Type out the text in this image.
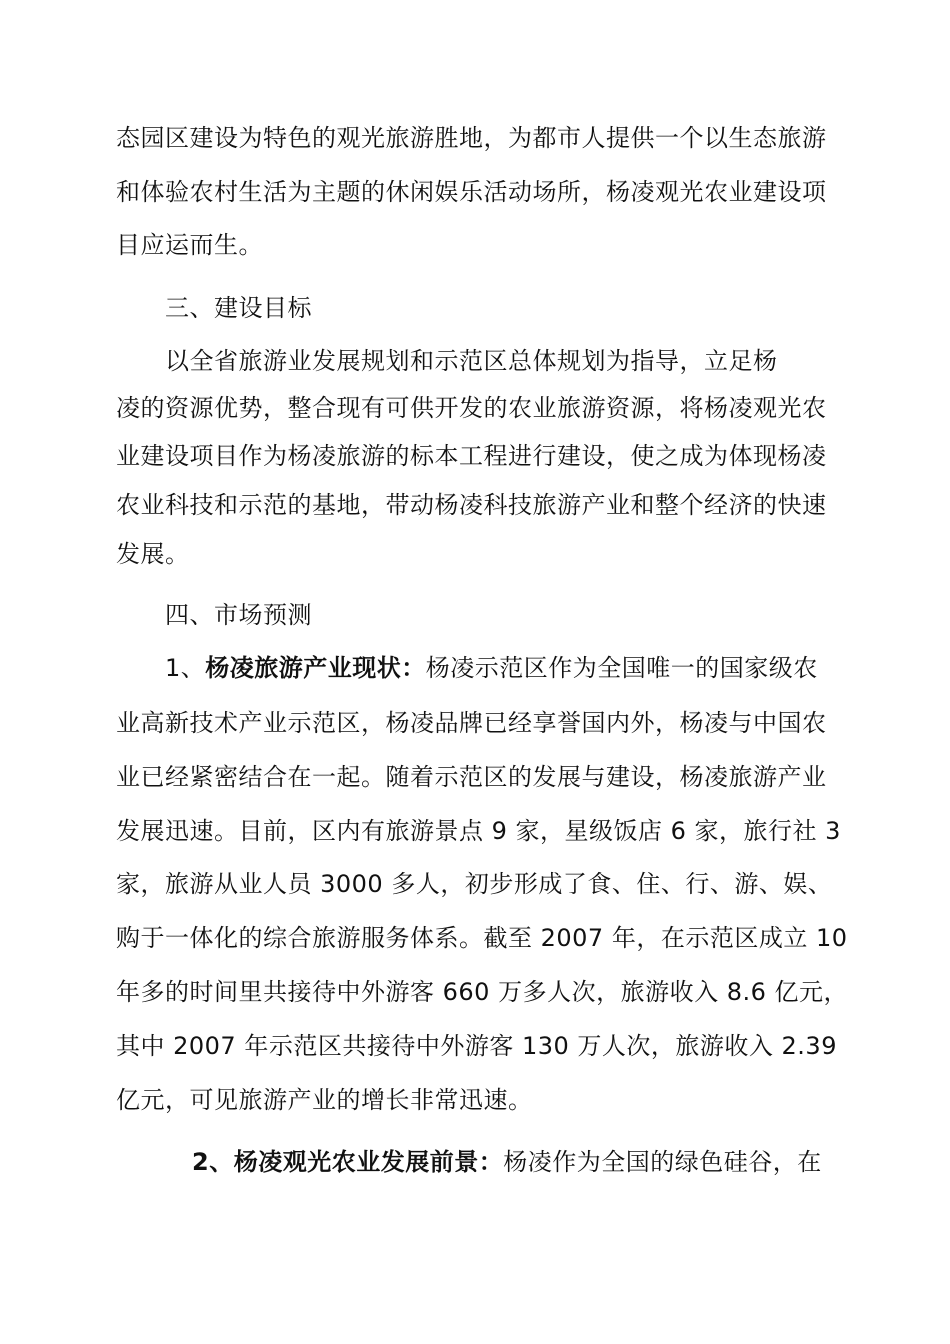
态园区建设为特色的观光旅游胜地，为都市人提供一个以生态旅游
和体验农村生活为主题的休闲娱乐活动场所，杨凌观光农业建设项
目应运而生。
三、建设目标
以全省旅游业发展规划和示范区总体规划为指导，立足杨
凌的资源优势，整合现有可供开发的农业旅游资源，将杨凌观光农
业建设项目作为杨凌旅游的标本工程进行建设，使之成为体现杨凌
农业科技和示范的基地，带动杨凌科技旅游产业和整个经济的快速
发展。
四、市场预测
1、杨凌旅游产业现状：杨凌示范区作为全国唯一的国家级农
业高新技术产业示范区，杨凌品牌已经享誉国内外，杨凌与中国农
业已经紧密结合在一起。随着示范区的发展与建设，杨凌旅游产业
发展迅速。目前，区内有旅游景点 9 家，星级饭店 6 家，旅行社 3
家，旅游从业人员 3000 多人，初步形成了食、住、行、游、娱、
购于一体化的综合旅游服务体系。截至 2007 年，在示范区成立 10
年多的时间里共接待中外游客 660 万多人次，旅游收入 8.6 亿元，
其中 2007 年示范区共接待中外游客 130 万人次，旅游收入 2.39
亿元，可见旅游产业的增长非常迅速。
2、杨凌观光农业发展前景：杨凌作为全国的绿色硅谷，在
